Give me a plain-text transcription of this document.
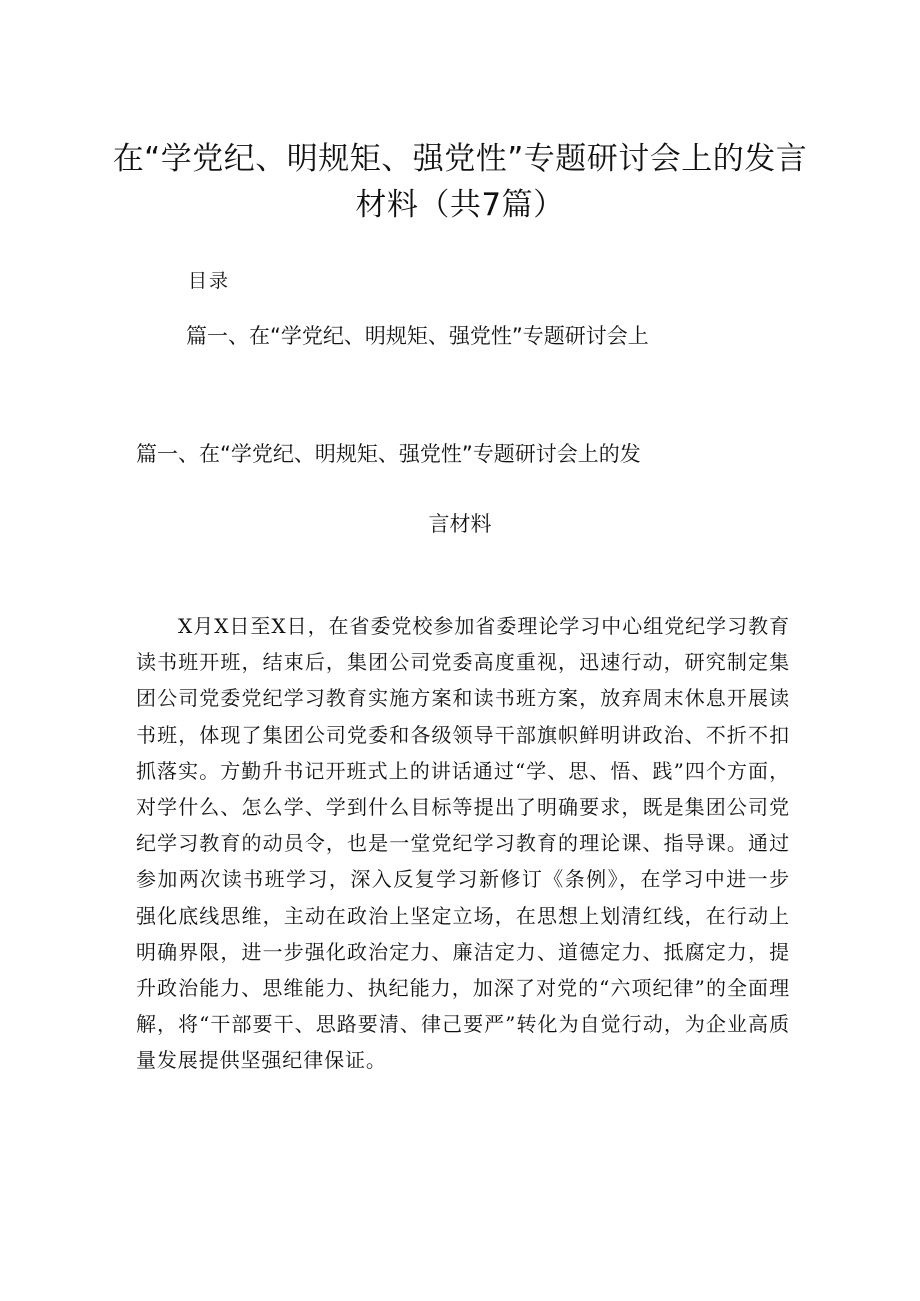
在“学党纪、明规矩、强党性”专题研讨会上的发言材料（共7篇）
目录
篇一、在“学党纪、明规矩、强党性”专题研讨会上
篇一、在“学党纪、明规矩、强党性”专题研讨会上的发
言材料

X月X日至X日，在省委党校参加省委理论学习中心组党纪学习教育读书班开班，结束后，集团公司党委高度重视，迅速行动，研究制定集团公司党委党纪学习教育实施方案和读书班方案，放弃周末休息开展读书班，体现了集团公司党委和各级领导干部旗帜鲜明讲政治、不折不扣抓落实。方勤升书记开班式上的讲话通过“学、思、悟、践”四个方面，对学什么、怎么学、学到什么目标等提出了明确要求，既是集团公司党纪学习教育的动员令，也是一堂党纪学习教育的理论课、指导课。通过参加两次读书班学习，深入反复学习新修订《条例》，在学习中进一步强化底线思维，主动在政治上坚定立场，在思想上划清红线，在行动上明确界限，进一步强化政治定力、廉洁定力、道德定力、抵腐定力，提升政治能力、思维能力、执纪能力，加深了对党的“六项纪律”的全面理解，将“干部要干、思路要清、律己要严”转化为自觉行动，为企业高质量发展提供坚强纪律保证。
